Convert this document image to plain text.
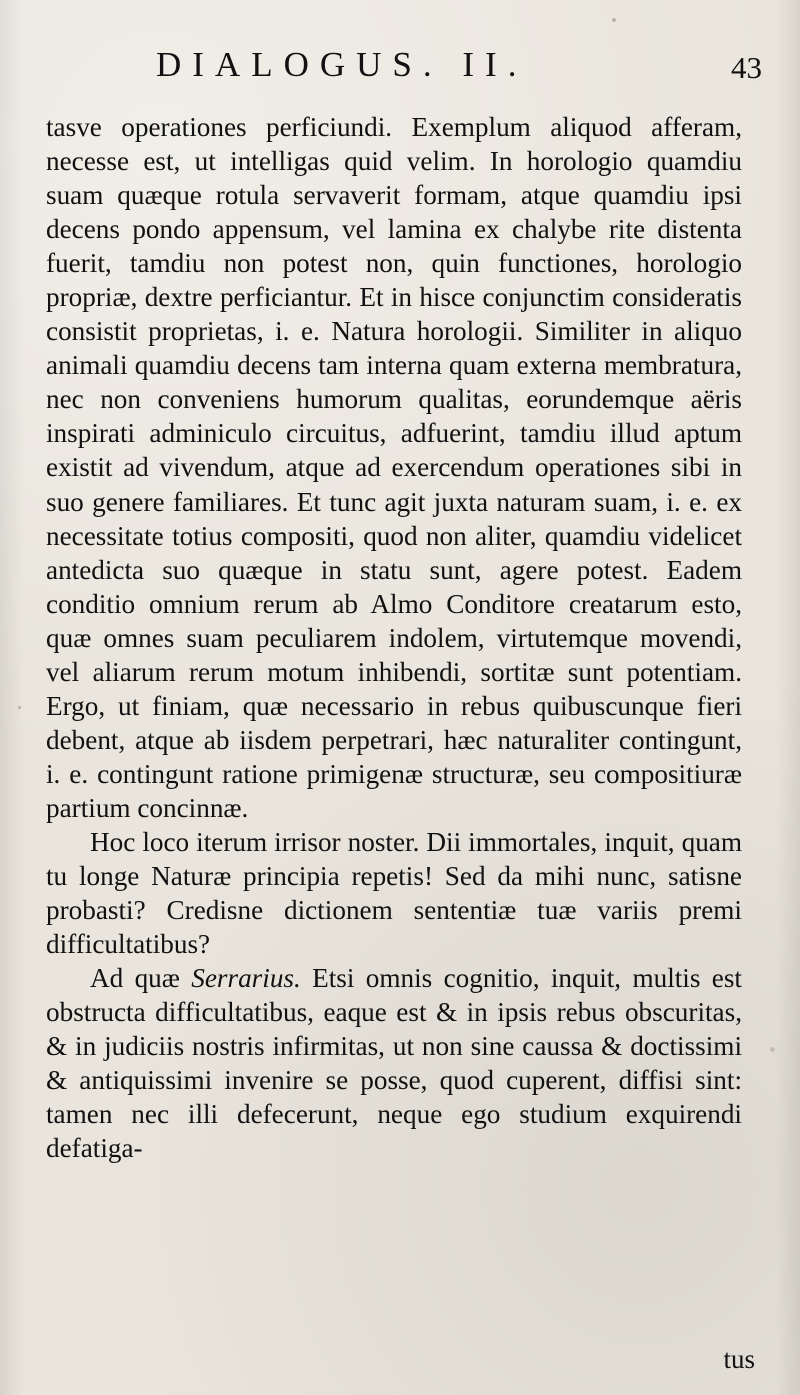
DIALOGUS. II.	43

tasve operationes perficiundi. Exemplum aliquod afferam, necesse est, ut intelligas quid velim. In horologio quamdiu suam quæque rotula servaverit formam, atque quamdiu ipsi decens pondo appensum, vel lamina ex chalybe rite distenta fuerit, tamdiu non potest non, quin functiones, horologio propriæ, dextre perficiantur. Et in hisce conjunctim consideratis consistit proprietas, i. e. Natura horologii. Similiter in aliquo animali quamdiu decens tam interna quam externa membratura, nec non conveniens humorum qualitas, eorundemque aëris inspirati adminiculo circuitus, adfuerint, tamdiu illud aptum existit ad vivendum, atque ad exercendum operationes sibi in suo genere familiares. Et tunc agit juxta naturam suam, i. e. ex necessitate totius compositi, quod non aliter, quamdiu videlicet antedicta suo quæque in statu sunt, agere potest. Eadem conditio omnium rerum ab Almo Conditore creatarum esto, quæ omnes suam peculiarem indolem, virtutemque movendi, vel aliarum rerum motum inhibendi, sortitæ sunt potentiam. Ergo, ut finiam, quæ necessario in rebus quibuscunque fieri debent, atque ab iisdem perpetrari, hæc naturaliter contingunt, i. e. contingunt ratione primigenæ structuræ, seu compositiuræ partium concinnæ.

Hoc loco iterum irrisor noster. Dii immortales, inquit, quam tu longe Naturæ principia repetis! Sed da mihi nunc, satisne probasti? Credisne dictionem sententiæ tuæ variis premi difficultatibus?

Ad quæ Serrarius. Etsi omnis cognitio, inquit, multis est obstructa difficultatibus, eaque est & in ipsis rebus obscuritas, & in judiciis nostris infirmitas, ut non sine caussa & doctissimi & antiquissimi invenire se posse, quod cuperent, diffisi sint: tamen nec illi defecerunt, neque ego studium exquirendi defatiga-

tus
